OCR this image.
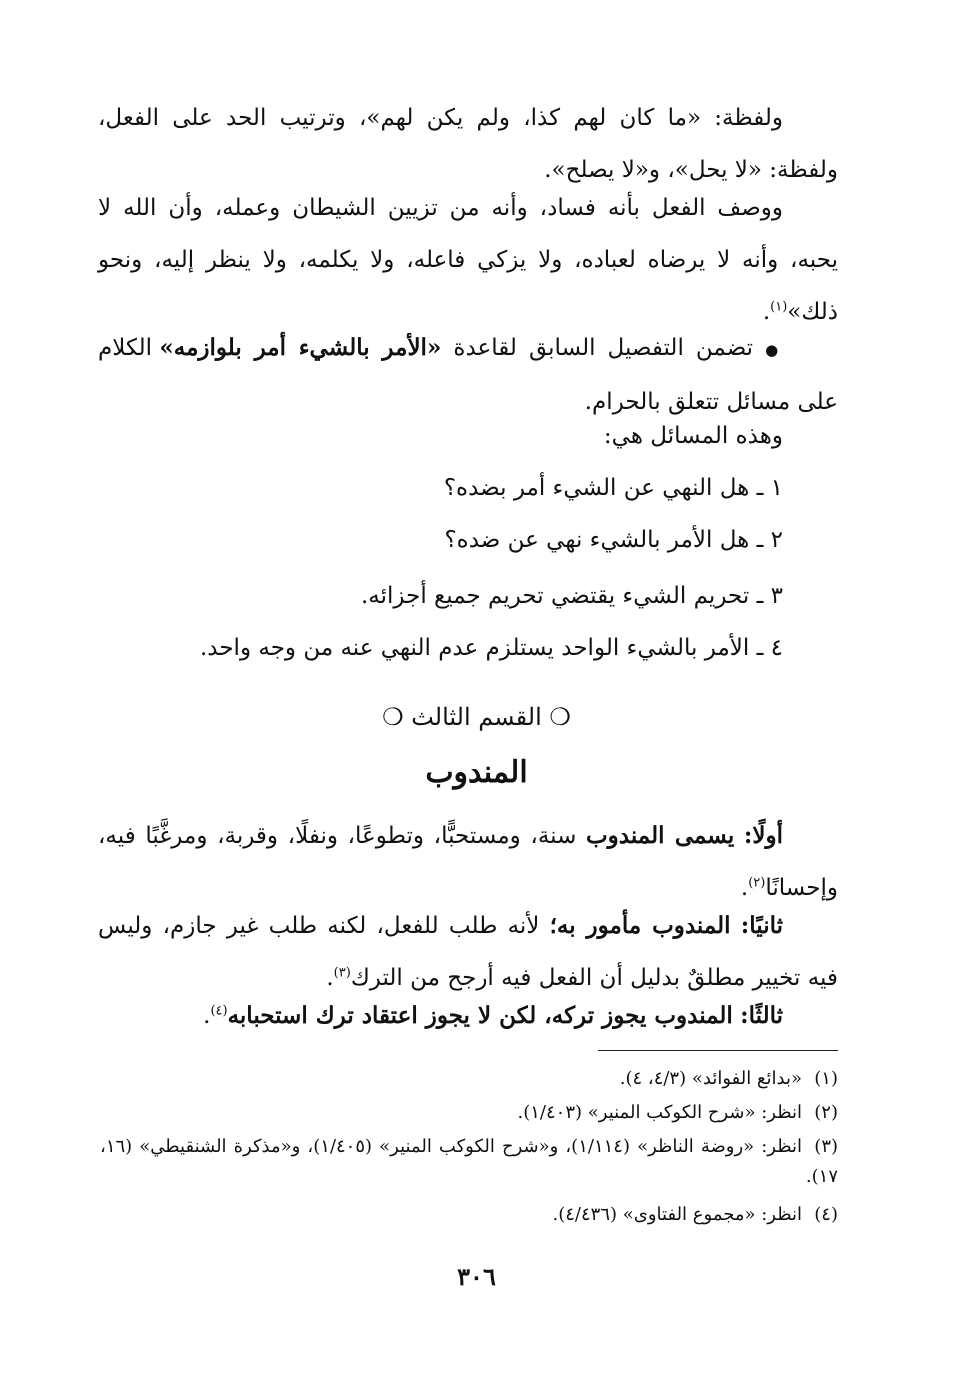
ولفظة: «ما كان لهم كذا، ولم يكن لهم»، وترتيب الحد على الفعل، ولفظة: «لا يحل»، و«لا يصلح».

ووصف الفعل بأنه فساد، وأنه من تزيين الشيطان وعمله، وأن الله لا يحبه، وأنه لا يرضاه لعباده، ولا يزكي فاعله، ولا يكلمه، ولا ينظر إليه، ونحو ذلك»$^{(١)}$.

● تضمن التفصيل السابق لقاعدة «الأمر بالشيء أمر بلوازمه» الكلام على مسائل تتعلق بالحرام.

وهذه المسائل هي:
١ ـ هل النهي عن الشيء أمر بضده؟
٢ ـ هل الأمر بالشيء نهي عن ضده؟
٣ ـ تحريم الشيء يقتضي تحريم جميع أجزائه.
٤ ـ الأمر بالشيء الواحد يستلزم عدم النهي عنه من وجه واحد.
❍ القسم الثالث ❍
المندوب

أولًا: يسمى المندوب سنة، ومستحبًّا، وتطوعًا، ونفلًا، وقربة، ومرغَّبًا فيه، وإحسانًا$^{(٢)}$.

ثانيًا: المندوب مأمور به؛ لأنه طلب للفعل، لكنه طلب غير جازم، وليس فيه تخيير مطلقٌ بدليل أن الفعل فيه أرجح من الترك$^{(٣)}$.

ثالثًا: المندوب يجوز تركه، لكن لا يجوز اعتقاد ترك استحبابه$^{(٤)}$.

(١)«بدائع الفوائد» (٤/٣، ٤).
(٢)انظر: «شرح الكوكب المنير» (١/٤٠٣).
(٣)انظر: «روضة الناظر» (١/١١٤)، و«شرح الكوكب المنير» (١/٤٠٥)، و«مذكرة الشنقيطي» (١٦، ١٧).
(٤)انظر: «مجموع الفتاوى» (٤/٤٣٦).
٣٠٦
